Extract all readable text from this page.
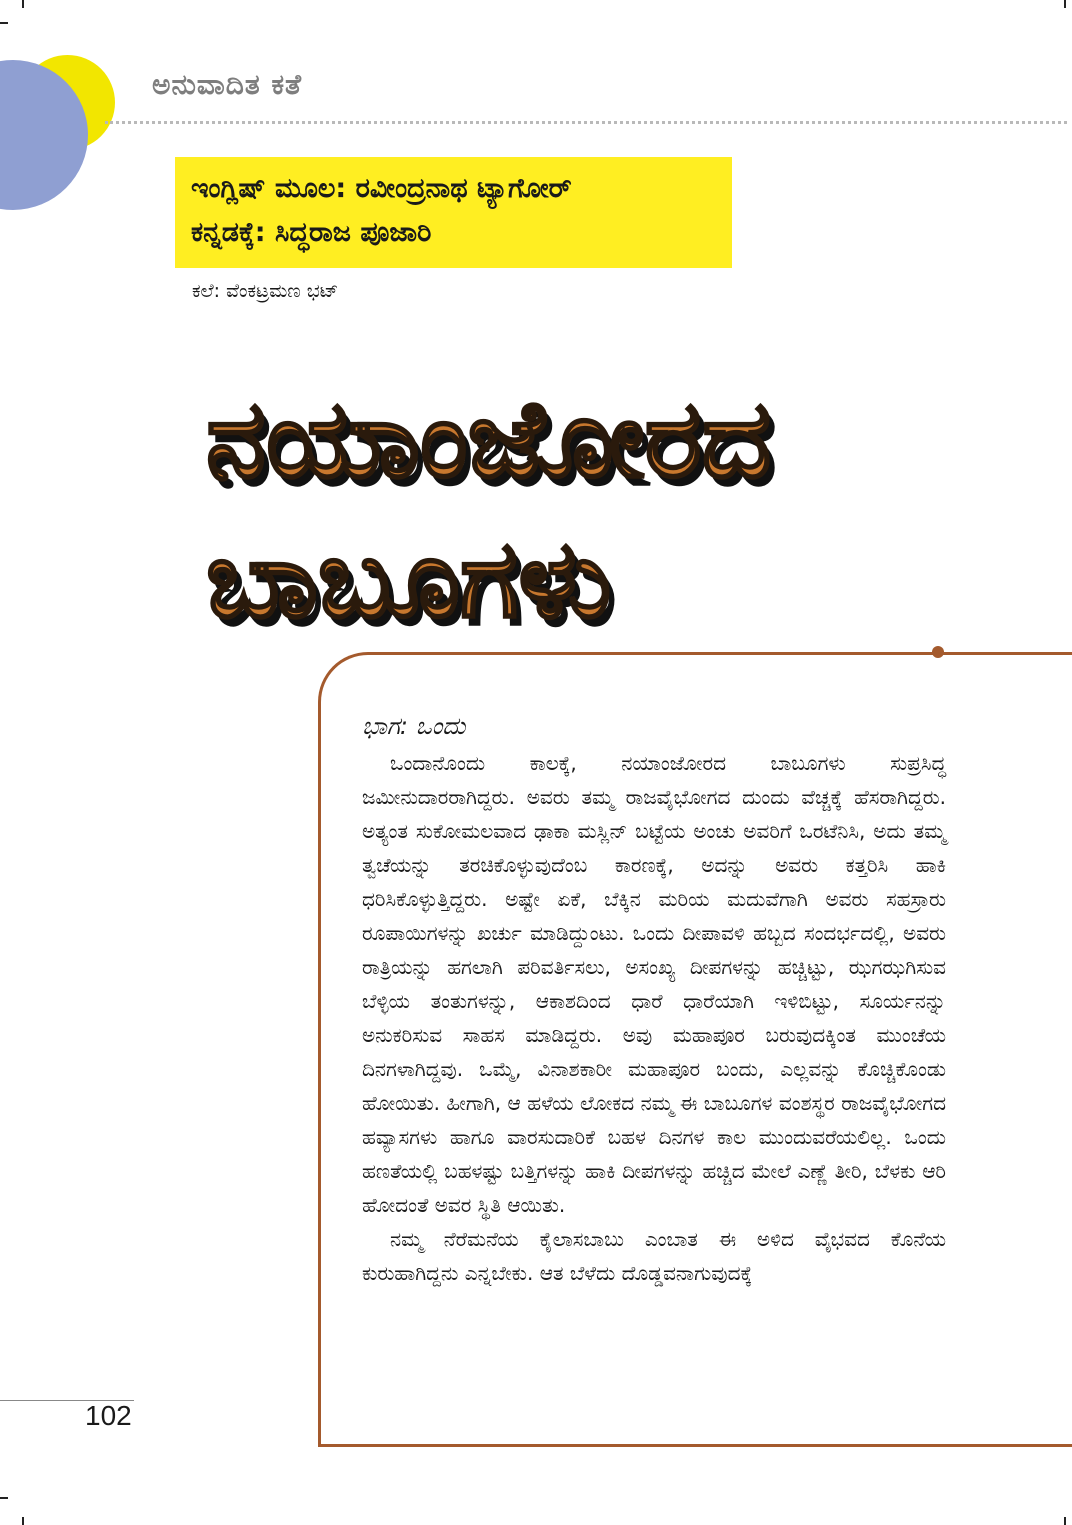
ಅನುವಾದಿತ ಕತೆ
ಇಂಗ್ಲಿಷ್ ಮೂಲ: ರವೀಂದ್ರನಾಥ ಟ್ಯಾಗೋರ್
ಕನ್ನಡಕ್ಕೆ: ಸಿದ್ಧರಾಜ ಪೂಜಾರಿ

ಕಲೆ: ವೆಂಕಟ್ರಮಣ ಭಟ್

ನಯಾಂಜೋರದ
ಬಾಬೂಗಳು

ಭಾಗ: ಒಂದು

ಒಂದಾನೊಂದು ಕಾಲಕ್ಕೆ, ನಯಾಂಜೋರದ ಬಾಬೂಗಳು ಸುಪ್ರಸಿದ್ಧ ಜಮೀನುದಾರರಾಗಿದ್ದರು. ಅವರು ತಮ್ಮ ರಾಜವೈಭೋಗದ ದುಂದು ವೆಚ್ಚಕ್ಕೆ ಹೆಸರಾಗಿದ್ದರು. ಅತ್ಯಂತ ಸುಕೋಮಲವಾದ ಢಾಕಾ ಮಸ್ಲಿನ್ ಬಟ್ಟೆಯ ಅಂಚು ಅವರಿಗೆ ಒರಟೆನಿಸಿ, ಅದು ತಮ್ಮ ತ್ವಚೆಯನ್ನು ತರಚಿಕೊಳ್ಳುವುದೆಂಬ ಕಾರಣಕ್ಕೆ, ಅದನ್ನು ಅವರು ಕತ್ತರಿಸಿ ಹಾಕಿ ಧರಿಸಿಕೊಳ್ಳುತ್ತಿದ್ದರು. ಅಷ್ಟೇ ಏಕೆ, ಬೆಕ್ಕಿನ ಮರಿಯ ಮದುವೆಗಾಗಿ ಅವರು ಸಹಸ್ರಾರು ರೂಪಾಯಿಗಳನ್ನು ಖರ್ಚು ಮಾಡಿದ್ದುಂಟು. ಒಂದು ದೀಪಾವಳಿ ಹಬ್ಬದ ಸಂದರ್ಭದಲ್ಲಿ, ಅವರು ರಾತ್ರಿಯನ್ನು ಹಗಲಾಗಿ ಪರಿವರ್ತಿಸಲು, ಅಸಂಖ್ಯ ದೀಪಗಳನ್ನು ಹಚ್ಚಿಟ್ಟು, ಝಗಝಗಿಸುವ ಬೆಳ್ಳಿಯ ತಂತುಗಳನ್ನು, ಆಕಾಶದಿಂದ ಧಾರೆ ಧಾರೆಯಾಗಿ ಇಳಿಬಿಟ್ಟು, ಸೂರ್ಯನನ್ನು ಅನುಕರಿಸುವ ಸಾಹಸ ಮಾಡಿದ್ದರು. ಅವು ಮಹಾಪೂರ ಬರುವುದಕ್ಕಿಂತ ಮುಂಚೆಯ ದಿನಗಳಾಗಿದ್ದವು. ಒಮ್ಮೆ, ವಿನಾಶಕಾರೀ ಮಹಾಪೂರ ಬಂದು, ಎಲ್ಲವನ್ನು ಕೊಚ್ಚಿಕೊಂಡು ಹೋಯಿತು. ಹೀಗಾಗಿ, ಆ ಹಳೆಯ ಲೋಕದ ನಮ್ಮ ಈ ಬಾಬೂಗಳ ವಂಶಸ್ಥರ ರಾಜವೈಭೋಗದ ಹವ್ಯಾಸಗಳು ಹಾಗೂ ವಾರಸುದಾರಿಕೆ ಬಹಳ ದಿನಗಳ ಕಾಲ ಮುಂದುವರೆಯಲಿಲ್ಲ. ಒಂದು ಹಣತೆಯಲ್ಲಿ ಬಹಳಷ್ಟು ಬತ್ತಿಗಳನ್ನು ಹಾಕಿ ದೀಪಗಳನ್ನು ಹಚ್ಚಿದ ಮೇಲೆ ಎಣ್ಣೆ ತೀರಿ, ಬೆಳಕು ಆರಿ ಹೋದಂತೆ ಅವರ ಸ್ಥಿತಿ ಆಯಿತು.

ನಮ್ಮ ನೆರೆಮನೆಯ ಕೈಲಾಸಬಾಬು ಎಂಬಾತ ಈ ಅಳಿದ ವೈಭವದ ಕೊನೆಯ ಕುರುಹಾಗಿದ್ದನು ಎನ್ನಬೇಕು. ಆತ ಬೆಳೆದು ದೊಡ್ಡವನಾಗುವುದಕ್ಕೆ

102
